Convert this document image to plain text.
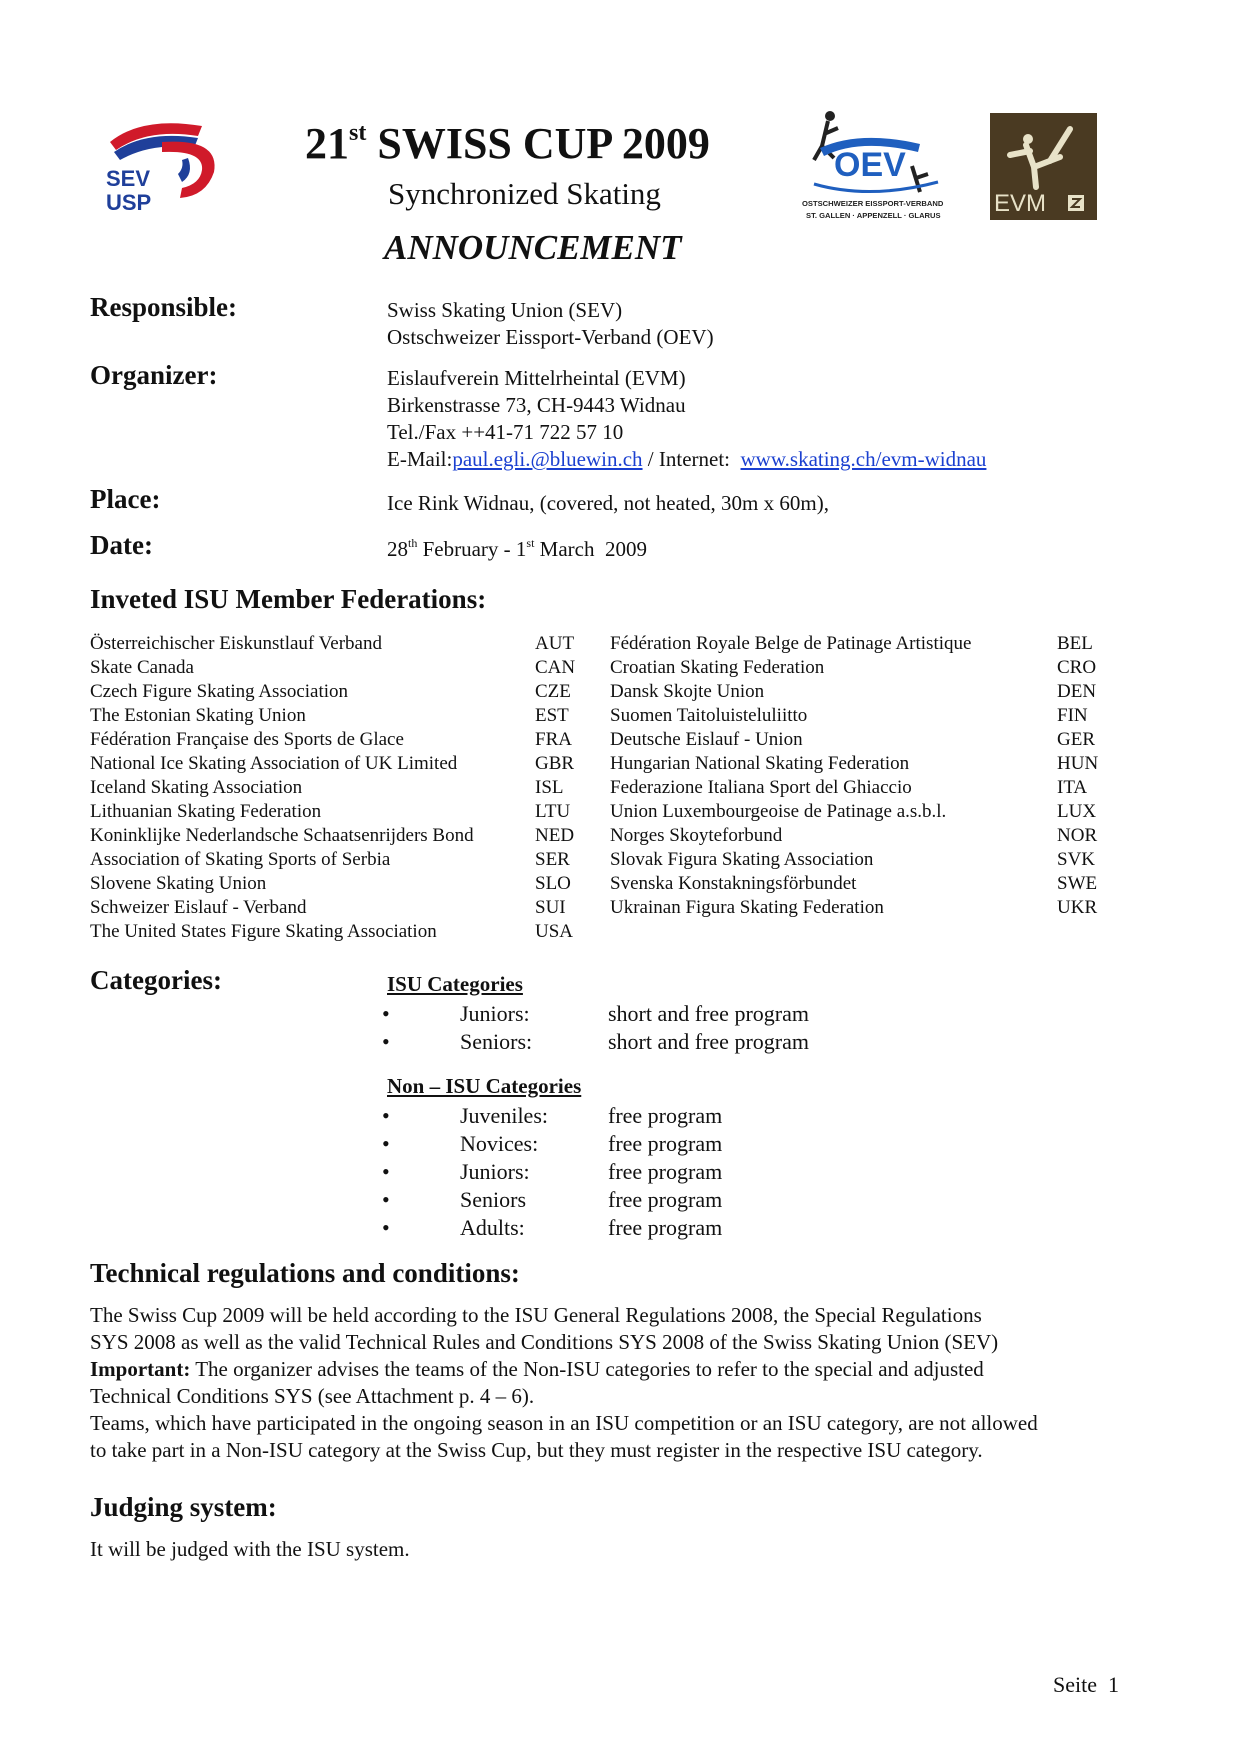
SEV
USP
OEV
OSTSCHWEIZER EISSPORT-VERBAND
ST. GALLEN · APPENZELL · GLARUS EVM
21st SWISS CUP 2009
Synchronized Skating
ANNOUNCEMENT
Responsible:	Swiss Skating Union (SEV)
Ostschweizer Eissport-Verband (OEV)
Organizer:	Eislaufverein Mittelrheintal (EVM)
Birkenstrasse 73, CH-9443 Widnau
Tel./Fax ++41-71 722 57 10
E-Mail:paul.egli.@bluewin.ch / Internet:  www.skating.ch/evm-widnau
Place:	Ice Rink Widnau, (covered, not heated, 30m x 60m),
Date:	28th February - 1st March  2009
Inveted ISU Member Federations:
Österreichischer Eiskunstlauf Verband	AUT
Skate Canada	CAN
Czech Figure Skating Association	CZE
The Estonian Skating Union	EST
Fédération Française des Sports de Glace	FRA
National Ice Skating Association of UK Limited	GBR
Iceland Skating Association	ISL
Lithuanian Skating Federation	LTU
Koninklijke Nederlandsche Schaatsenrijders Bond	NED
Association of Skating Sports of Serbia	SER
Slovene Skating Union	SLO
Schweizer Eislauf - Verband	SUI
The United States Figure Skating Association	USA
Fédération Royale Belge de Patinage Artistique	BEL
Croatian Skating Federation	CRO
Dansk Skojte Union	DEN
Suomen Taitoluisteluliitto	FIN
Deutsche Eislauf - Union	GER
Hungarian National Skating Federation	HUN
Federazione Italiana Sport del Ghiaccio	ITA
Union Luxembourgeoise de Patinage a.s.b.l.	LUX
Norges Skoyteforbund	NOR
Slovak Figura Skating Association	SVK
Svenska Konstakningsförbundet	SWE
Ukrainan Figura Skating Federation	UKR
Categories:	ISU Categories
•	Juniors:	short and free program
•	Seniors:	short and free program
Non – ISU Categories
•	Juveniles:	free program
•	Novices:	free program
•	Juniors:	free program
•	Seniors	free program
•	Adults:	free program
Technical regulations and conditions:

The Swiss Cup 2009 will be held according to the ISU General Regulations 2008, the Special Regulations

SYS 2008 as well as the valid Technical Rules and Conditions SYS 2008 of the Swiss Skating Union (SEV)

Important: The organizer advises the teams of the Non-ISU categories to refer to the special and adjusted

Technical Conditions SYS (see Attachment p. 4 – 6).

Teams, which have participated in the ongoing season in an ISU competition or an ISU category, are not allowed

to take part in a Non-ISU category at the Swiss Cup, but they must register in the respective ISU category.

Judging system:

It will be judged with the ISU system.

Seite  1
